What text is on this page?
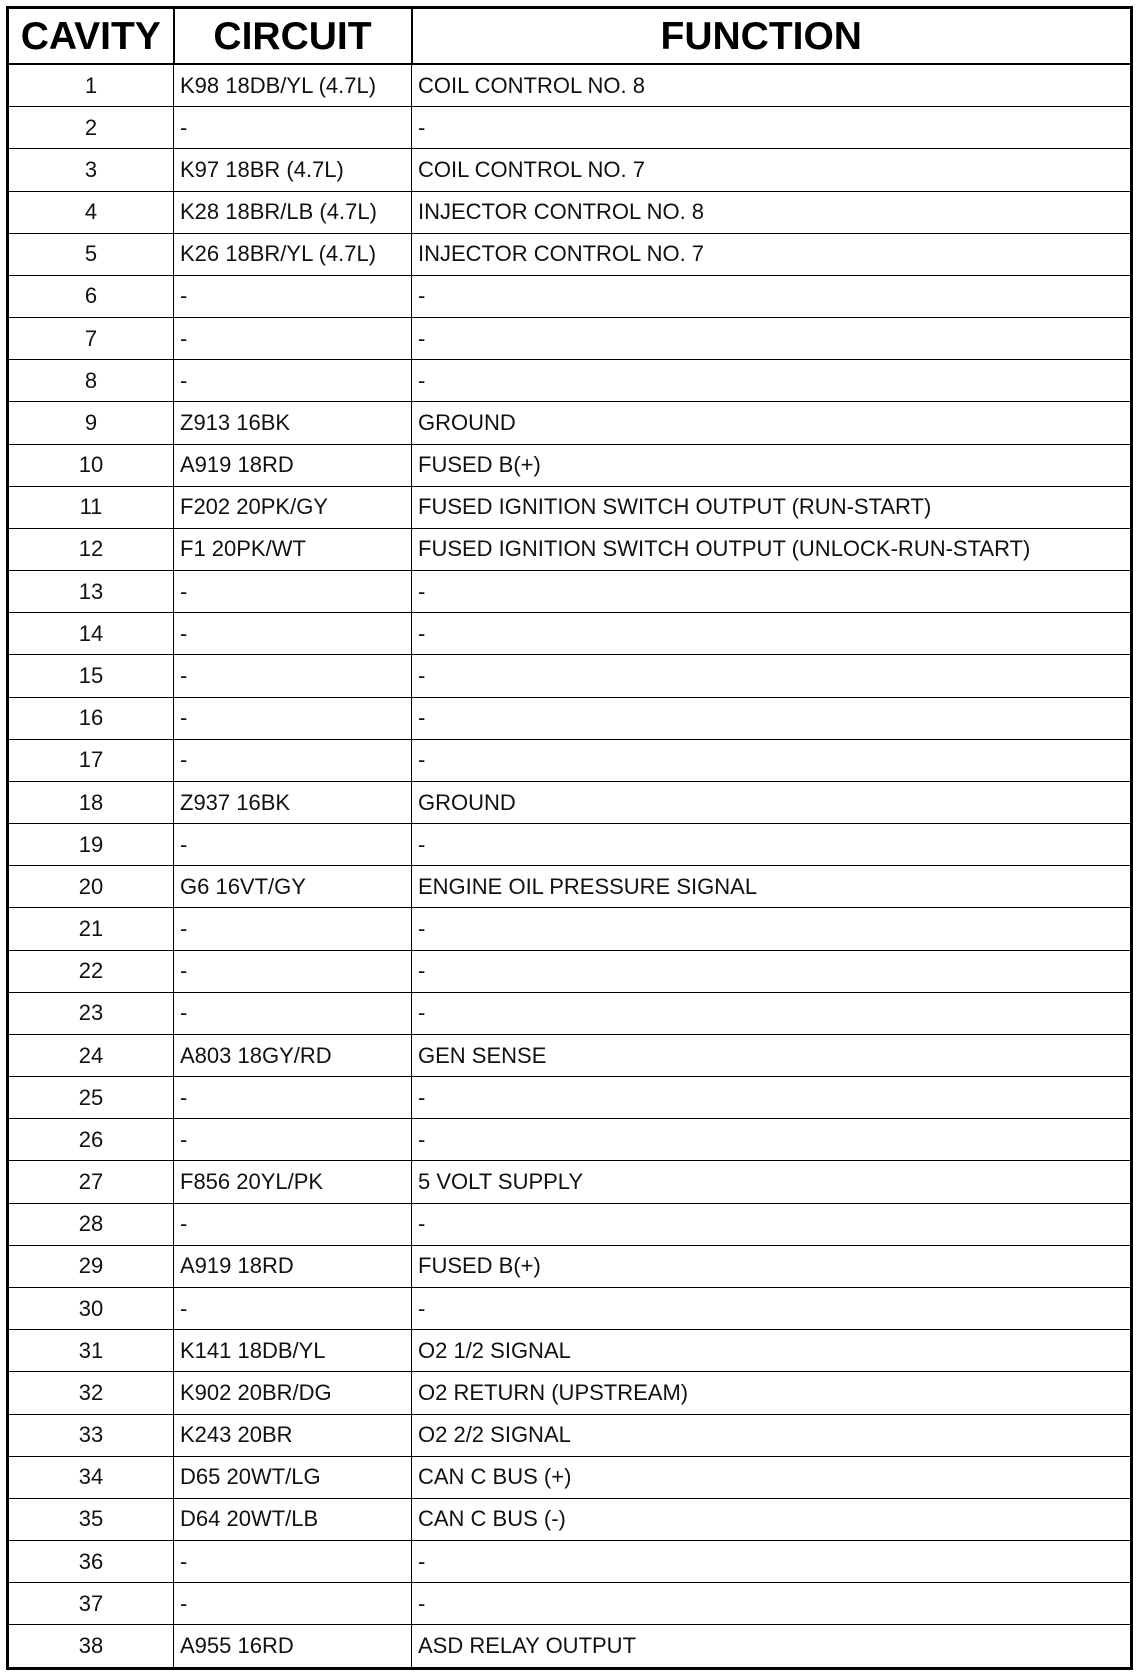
CAVITY	CIRCUIT	FUNCTION
1	K98 18DB/YL (4.7L)	COIL CONTROL NO. 8
2	-	-
3	K97 18BR (4.7L)	COIL CONTROL NO. 7
4	K28 18BR/LB (4.7L)	INJECTOR CONTROL NO. 8
5	K26 18BR/YL (4.7L)	INJECTOR CONTROL NO. 7
6	-	-
7	-	-
8	-	-
9	Z913 16BK	GROUND
10	A919 18RD	FUSED B(+)
11	F202 20PK/GY	FUSED IGNITION SWITCH OUTPUT (RUN-START)
12	F1 20PK/WT	FUSED IGNITION SWITCH OUTPUT (UNLOCK-RUN-START)
13	-	-
14	-	-
15	-	-
16	-	-
17	-	-
18	Z937 16BK	GROUND
19	-	-
20	G6 16VT/GY	ENGINE OIL PRESSURE SIGNAL
21	-	-
22	-	-
23	-	-
24	A803 18GY/RD	GEN SENSE
25	-	-
26	-	-
27	F856 20YL/PK	5 VOLT SUPPLY
28	-	-
29	A919 18RD	FUSED B(+)
30	-	-
31	K141 18DB/YL	O2 1/2 SIGNAL
32	K902 20BR/DG	O2 RETURN (UPSTREAM)
33	K243 20BR	O2 2/2 SIGNAL
34	D65 20WT/LG	CAN C BUS (+)
35	D64 20WT/LB	CAN C BUS (-)
36	-	-
37	-	-
38	A955 16RD	ASD RELAY OUTPUT
